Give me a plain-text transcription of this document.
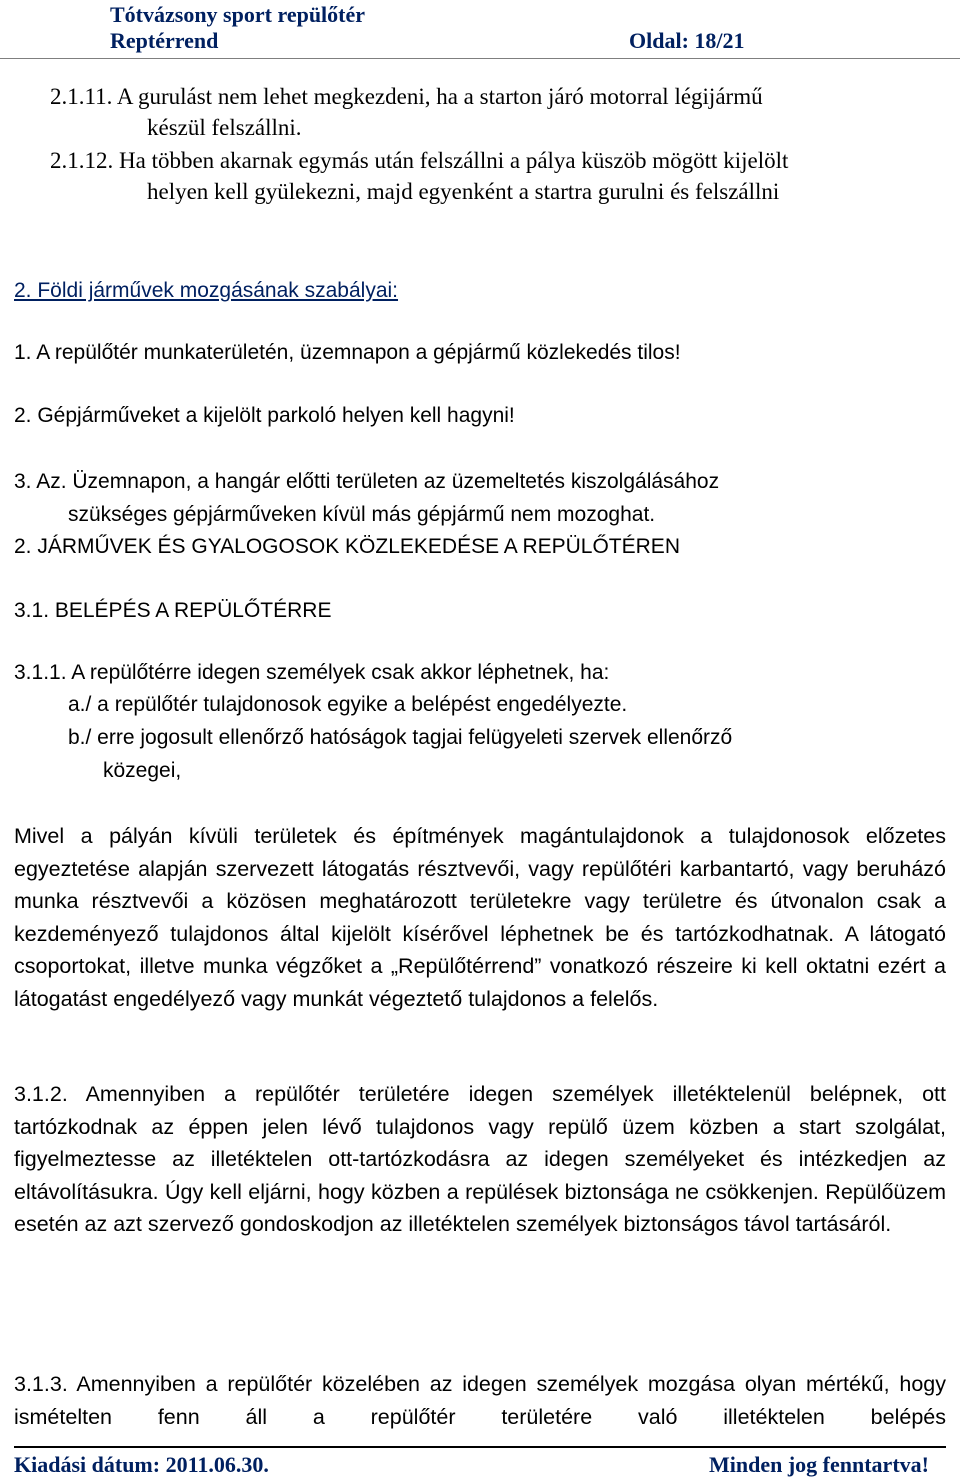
Tótvázsony sport repülőtér
Reptérrend	Oldal: 18/21
2.1.11. A gurulást nem lehet megkezdeni, ha a starton járó motorral légijármű
készül felszállni.
2.1.12. Ha többen akarnak egymás után felszállni a pálya küszöb mögött kijelölt
helyen kell gyülekezni, majd egyenként a startra gurulni és felszállni
2. Földi járművek mozgásának szabályai:
1. A repülőtér munkaterületén, üzemnapon a gépjármű közlekedés tilos!
2. Gépjárműveket a kijelölt parkoló helyen kell hagyni!
3. Az. Üzemnapon, a hangár előtti területen az üzemeltetés kiszolgálásához
szükséges gépjárműveken kívül más gépjármű nem mozoghat.
2. JÁRMŰVEK ÉS GYALOGOSOK KÖZLEKEDÉSE A REPÜLŐTÉREN
3.1. BELÉPÉS A REPÜLŐTÉRRE
3.1.1. A repülőtérre idegen személyek csak akkor léphetnek, ha:
a./ a repülőtér tulajdonosok egyike a belépést engedélyezte.
b./ erre jogosult ellenőrző hatóságok tagjai felügyeleti szervek ellenőrző
közegei,
Mivel a pályán kívüli területek és építmények magántulajdonok a tulajdonosok előzetes egyeztetése alapján szervezett látogatás résztvevői, vagy repülőtéri karbantartó, vagy beruházó munka résztvevői a közösen meghatározott területekre vagy területre és útvonalon csak a kezdeményező tulajdonos által kijelölt kísérővel léphetnek be és tartózkodhatnak. A látogató csoportokat, illetve munka végzőket a „Repülőtérrend” vonatkozó részeire ki kell oktatni ezért a látogatást engedélyező vagy munkát végeztető tulajdonos a felelős.
3.1.2. Amennyiben a repülőtér területére idegen személyek illetéktelenül belépnek, ott tartózkodnak az éppen jelen lévő tulajdonos vagy repülő üzem közben a start szolgálat, figyelmeztesse az illetéktelen ott-tartózkodásra az idegen személyeket és intézkedjen az eltávolításukra. Úgy kell eljárni, hogy közben a repülések biztonsága ne csökkenjen. Repülőüzem esetén az azt szervező gondoskodjon az illetéktelen személyek biztonságos távol tartásáról.
3.1.3. Amennyiben a repülőtér közelében az idegen személyek mozgása olyan mértékű, hogy ismételten fenn áll a repülőtér területére való illetéktelen belépés
Kiadási dátum: 2011.06.30.	Minden jog fenntartva!
